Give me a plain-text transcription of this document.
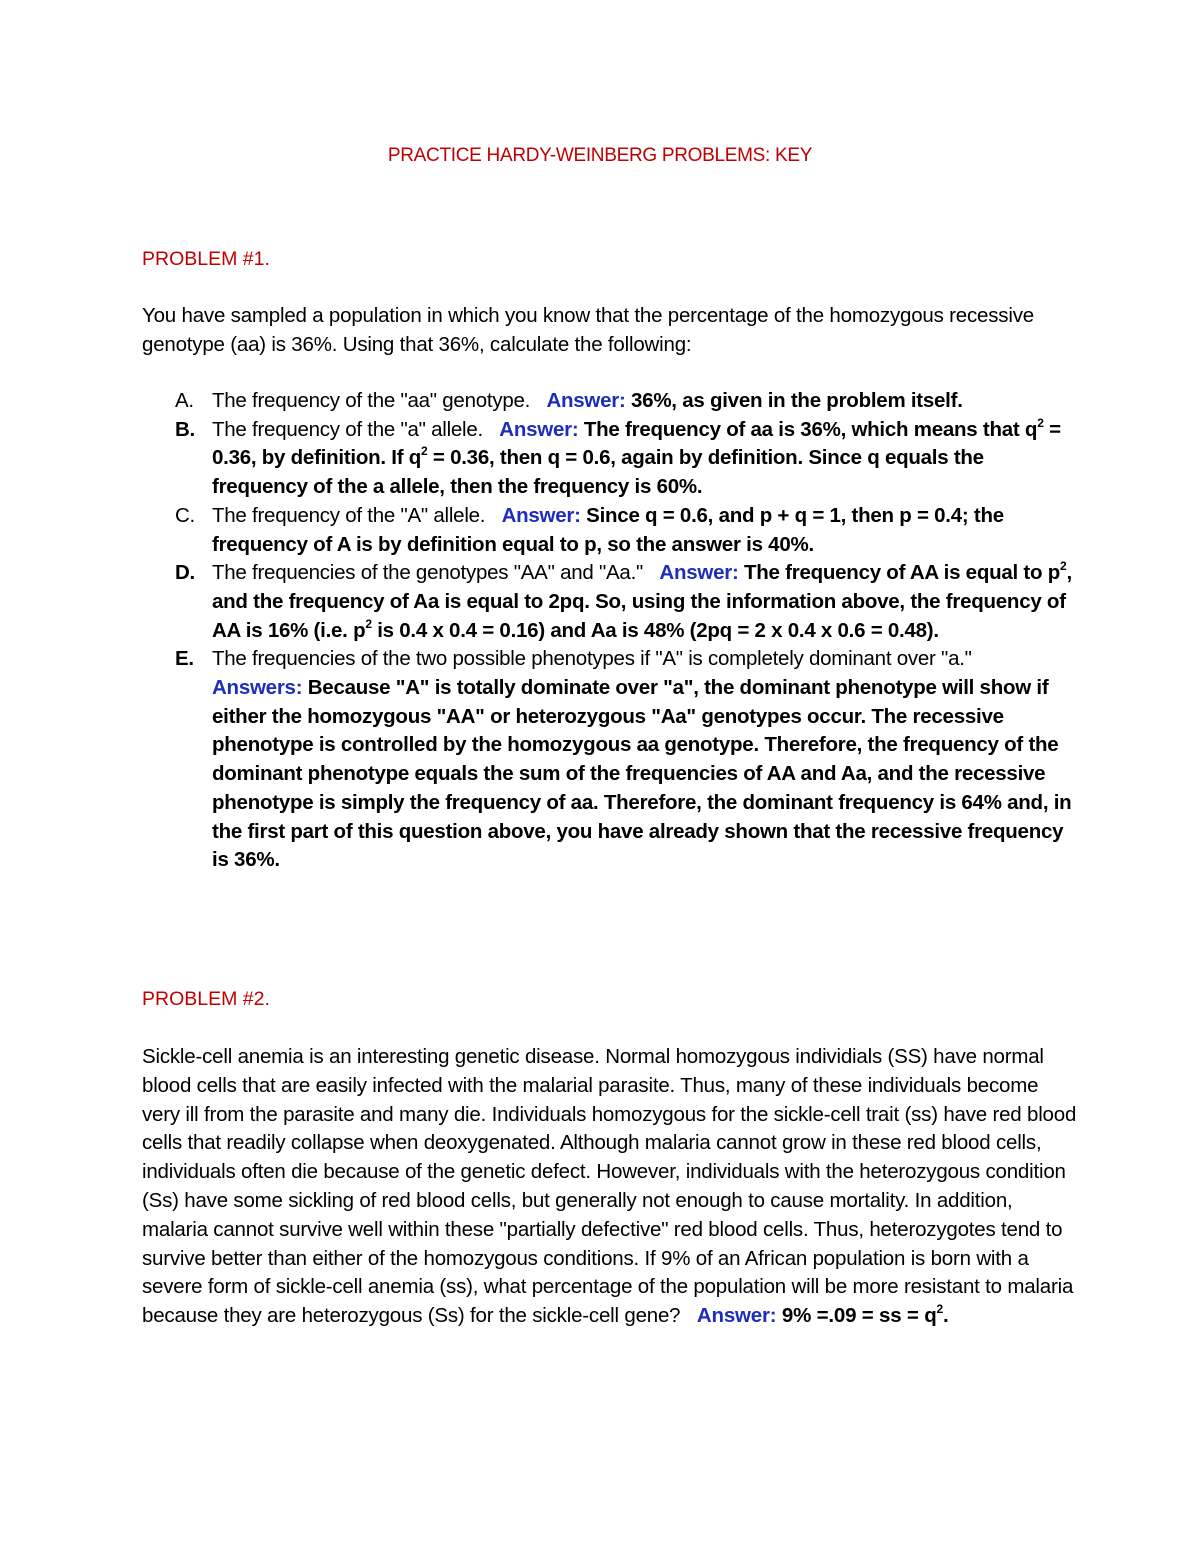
PRACTICE HARDY-WEINBERG PROBLEMS: KEY
PROBLEM #1.
You have sampled a population in which you know that the percentage of the homozygous recessive genotype (aa) is 36%. Using that 36%, calculate the following:
A. The frequency of the "aa" genotype. Answer: 36%, as given in the problem itself.
B. The frequency of the "a" allele. Answer: The frequency of aa is 36%, which means that $q^2 = 0.36$, by definition. If $q^2 = 0.36$, then q = 0.6, again by definition. Since q equals the frequency of the a allele, then the frequency is 60%.
C. The frequency of the "A" allele. Answer: Since q = 0.6, and p + q = 1, then p = 0.4; the frequency of A is by definition equal to p, so the answer is 40%.
D. The frequencies of the genotypes "AA" and "Aa." Answer: The frequency of AA is equal to $p^2$, and the frequency of Aa is equal to 2pq. So, using the information above, the frequency of AA is 16% (i.e. $p^2$ is 0.4 x 0.4 = 0.16) and Aa is 48% (2pq = 2 x 0.4 x 0.6 = 0.48).
E. The frequencies of the two possible phenotypes if "A" is completely dominant over "a."
Answers: Because "A" is totally dominate over "a", the dominant phenotype will show if either the homozygous "AA" or heterozygous "Aa" genotypes occur. The recessive phenotype is controlled by the homozygous aa genotype. Therefore, the frequency of the dominant phenotype equals the sum of the frequencies of AA and Aa, and the recessive phenotype is simply the frequency of aa. Therefore, the dominant frequency is 64% and, in the first part of this question above, you have already shown that the recessive frequency is 36%.
PROBLEM #2.
Sickle-cell anemia is an interesting genetic disease. Normal homozygous individials (SS) have normal blood cells that are easily infected with the malarial parasite. Thus, many of these individuals become very ill from the parasite and many die. Individuals homozygous for the sickle-cell trait (ss) have red blood cells that readily collapse when deoxygenated. Although malaria cannot grow in these red blood cells, individuals often die because of the genetic defect. However, individuals with the heterozygous condition (Ss) have some sickling of red blood cells, but generally not enough to cause mortality. In addition, malaria cannot survive well within these "partially defective" red blood cells. Thus, heterozygotes tend to survive better than either of the homozygous conditions. If 9% of an African population is born with a severe form of sickle-cell anemia (ss), what percentage of the population will be more resistant to malaria because they are heterozygous (Ss) for the sickle-cell gene? Answer: 9% =.09 = ss = $q^2$.
